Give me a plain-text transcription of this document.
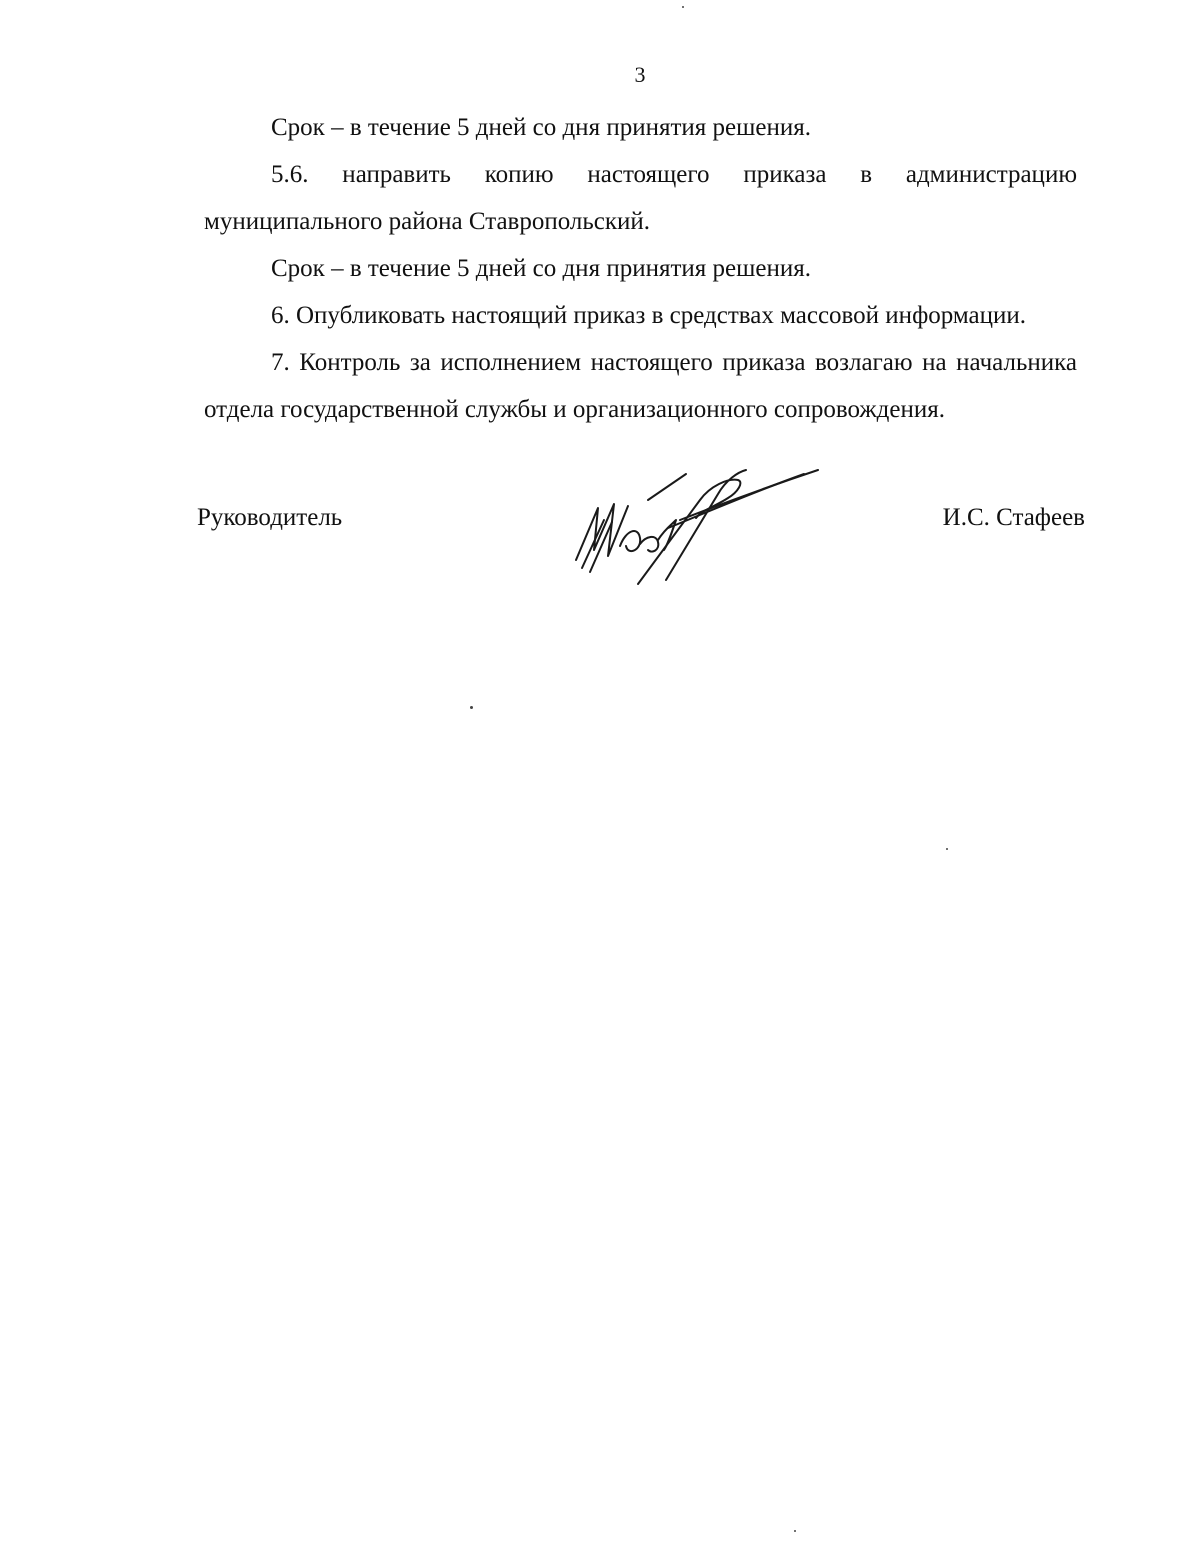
3

Срок – в течение 5 дней со дня принятия решения.

5.6. направить копию настоящего приказа в администрацию муниципального района Ставропольский.

Срок – в течение 5 дней со дня принятия решения.

6. Опубликовать настоящий приказ в средствах массовой информации.

7. Контроль за исполнением настоящего приказа возлагаю на начальника отдела государственной службы и организационного сопровождения.

Руководитель	И.С. Стафеев
